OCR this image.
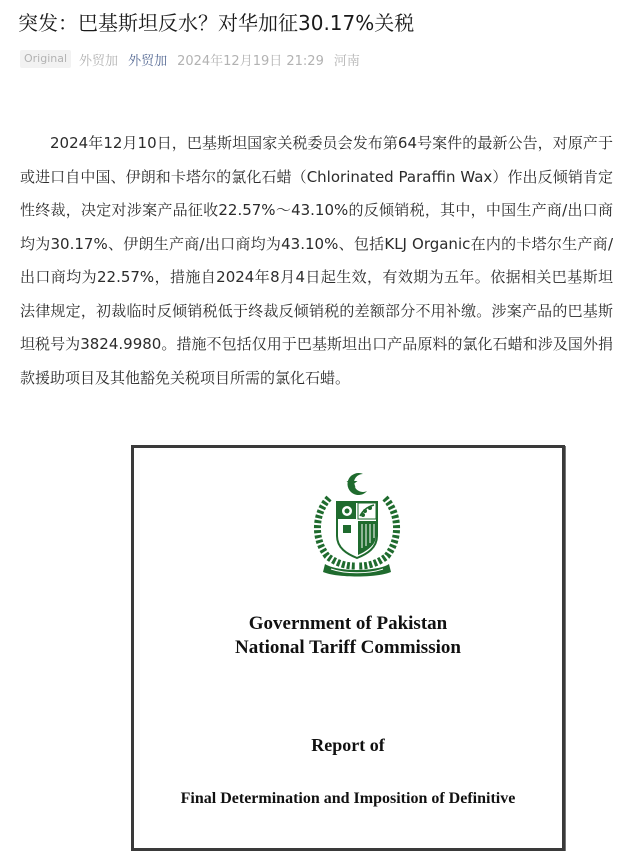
突发：巴基斯坦反水？对华加征30.17%关税
Original 外贸加 外贸加 2024年12月19日 21:29 河南

2024年12月10日，巴基斯坦国家关税委员会发布第64号案件的最新公告，对原产于或进口自中国、伊朗和卡塔尔的氯化石蜡（Chlorinated Paraffin Wax）作出反倾销肯定性终裁，决定对涉案产品征收22.57%～43.10%的反倾销税，其中，中国生产商/出口商均为30.17%、伊朗生产商/出口商均为43.10%、包括KLJ Organic在内的卡塔尔生产商/出口商均为22.57%，措施自2024年8月4日起生效，有效期为五年。依据相关巴基斯坦法律规定，初裁临时反倾销税低于终裁反倾销税的差额部分不用补缴。涉案产品的巴基斯坦税号为3824.9980。措施不包括仅用于巴基斯坦出口产品原料的氯化石蜡和涉及国外捐款援助项目及其他豁免关税项目所需的氯化石蜡。

Government of Pakistan
National Tariff Commission
Report of
Final Determination and Imposition of Definitive
